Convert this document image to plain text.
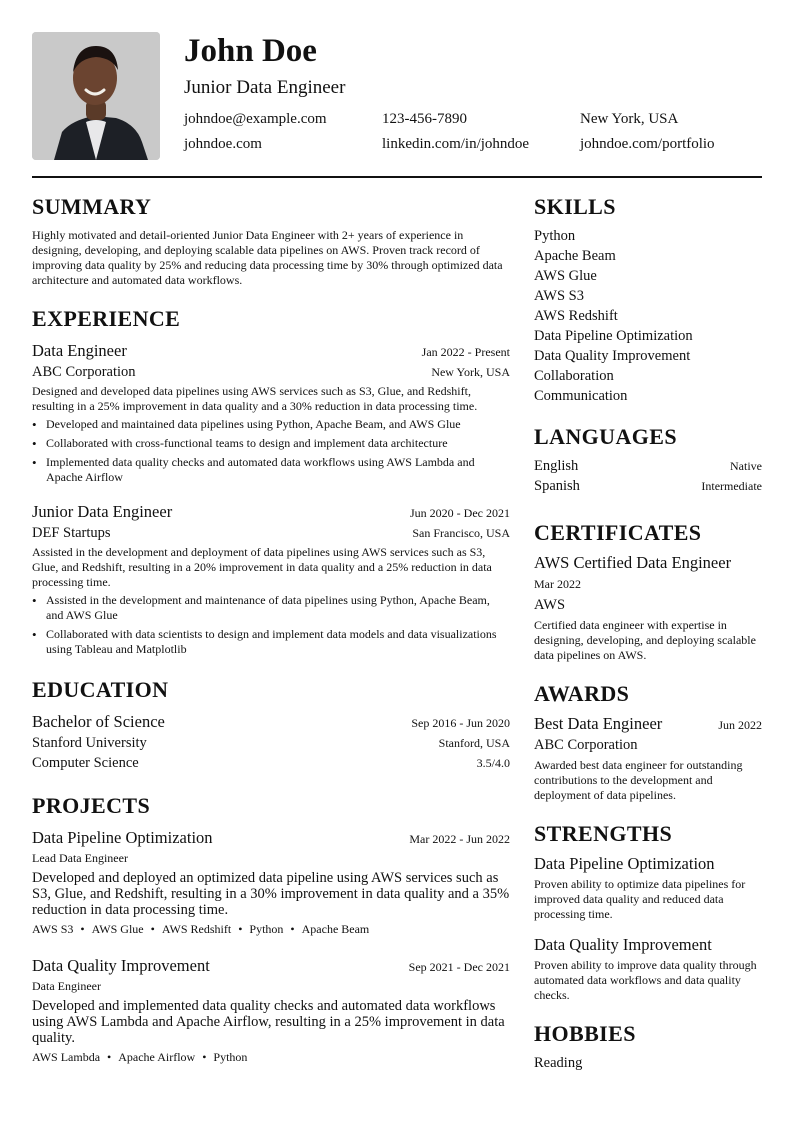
John Doe
Junior Data Engineer
johndoe@example.com	123-456-7890	New York, USA
johndoe.com	linkedin.com/in/johndoe	johndoe.com/portfolio
SUMMARY
Highly motivated and detail-oriented Junior Data Engineer with 2+ years of experience in designing, developing, and deploying scalable data pipelines on AWS. Proven track record of improving data quality by 25% and reducing data processing time by 30% through optimized data architecture and automated data workflows.
EXPERIENCE
Data Engineer	Jan 2022 - Present
ABC Corporation	New York, USA
Designed and developed data pipelines using AWS services such as S3, Glue, and Redshift, resulting in a 25% improvement in data quality and a 30% reduction in data processing time.
• Developed and maintained data pipelines using Python, Apache Beam, and AWS Glue
• Collaborated with cross-functional teams to design and implement data architecture
• Implemented data quality checks and automated data workflows using AWS Lambda and Apache Airflow
Junior Data Engineer	Jun 2020 - Dec 2021
DEF Startups	San Francisco, USA
Assisted in the development and deployment of data pipelines using AWS services such as S3, Glue, and Redshift, resulting in a 20% improvement in data quality and a 25% reduction in data processing time.
• Assisted in the development and maintenance of data pipelines using Python, Apache Beam, and AWS Glue
• Collaborated with data scientists to design and implement data models and data visualizations using Tableau and Matplotlib
EDUCATION
Bachelor of Science	Sep 2016 - Jun 2020
Stanford University	Stanford, USA
Computer Science	3.5/4.0
PROJECTS
Data Pipeline Optimization	Mar 2022 - Jun 2022
Lead Data Engineer
Developed and deployed an optimized data pipeline using AWS services such as S3, Glue, and Redshift, resulting in a 30% improvement in data quality and a 35% reduction in data processing time.
AWS S3 • AWS Glue • AWS Redshift • Python • Apache Beam
Data Quality Improvement	Sep 2021 - Dec 2021
Data Engineer
Developed and implemented data quality checks and automated data workflows using AWS Lambda and Apache Airflow, resulting in a 25% improvement in data quality.
AWS Lambda • Apache Airflow • Python
SKILLS
Python
Apache Beam
AWS Glue
AWS S3
AWS Redshift
Data Pipeline Optimization
Data Quality Improvement
Collaboration
Communication
LANGUAGES
English	Native
Spanish	Intermediate
CERTIFICATES
AWS Certified Data Engineer
Mar 2022
AWS
Certified data engineer with expertise in designing, developing, and deploying scalable data pipelines on AWS.
AWARDS
Best Data Engineer	Jun 2022
ABC Corporation
Awarded best data engineer for outstanding contributions to the development and deployment of data pipelines.
STRENGTHS
Data Pipeline Optimization
Proven ability to optimize data pipelines for improved data quality and reduced data processing time.
Data Quality Improvement
Proven ability to improve data quality through automated data workflows and data quality checks.
HOBBIES
Reading
